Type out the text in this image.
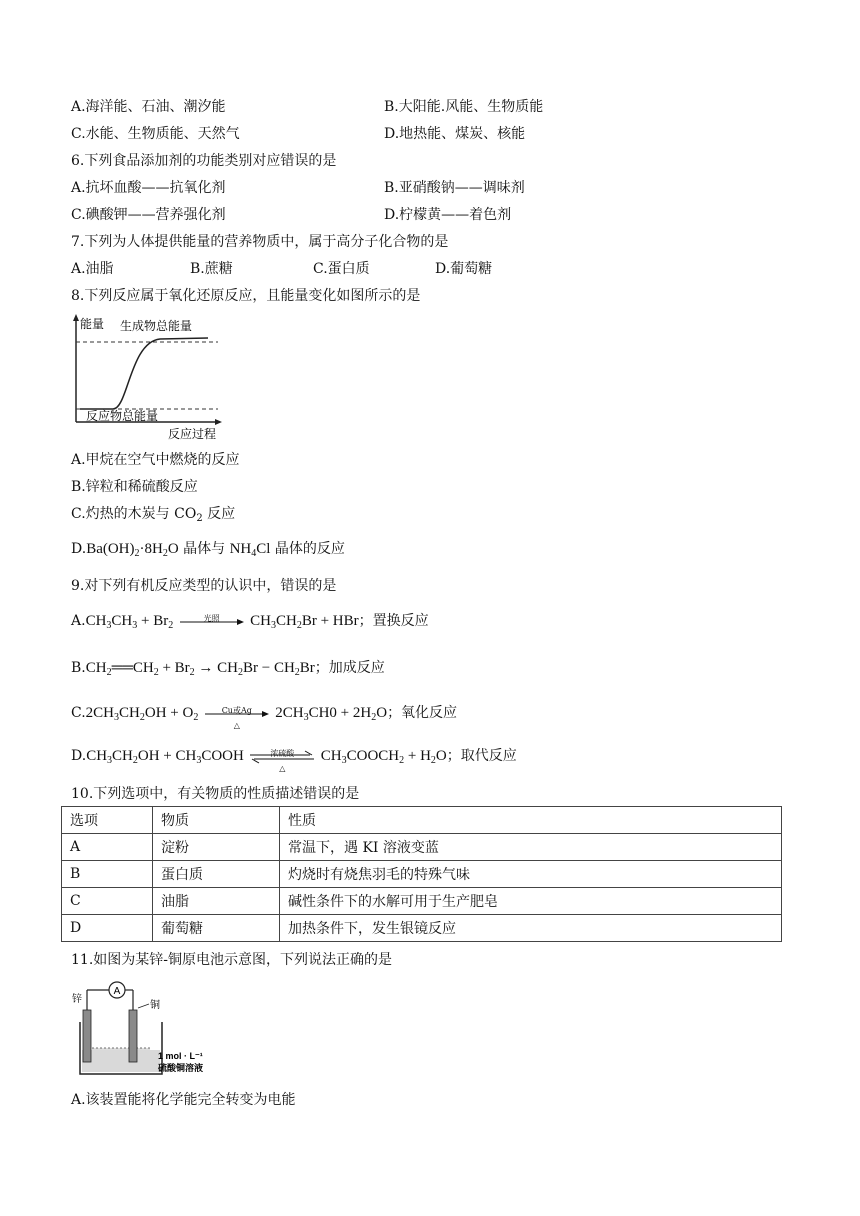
A.海洋能、石油、潮汐能	B.大阳能.风能、生物质能
C.水能、生物质能、天然气	D.地热能、煤炭、核能
6.下列食品添加剂的功能类别对应错误的是
A.抗坏血酸——抗氧化剂	B.亚硝酸钠——调味剂
C.碘酸钾——营养强化剂	D.柠檬黄——着色剂
7.下列为人体提供能量的营养物质中，属于高分子化合物的是
A.油脂	B.蔗糖	C.蛋白质	D.葡萄糖
8.下列反应属于氧化还原反应，且能量变化如图所示的是
能量 生成物总能量
反应物总能量
反应过程
A.甲烷在空气中燃烧的反应
B.锌粒和稀硫酸反应
C.灼热的木炭与 $CO_2$ 反应
$D.Ba(OH)_2\cdot 8H_2O$ 晶体与 $NH_4Cl$ 晶体的反应
9.对下列有机反应类型的认识中，错误的是
$A.CH_3CH_3 + Br_2$
光照	$CH_3CH_2Br$ + HBr；置换反应
$B.CH_2══CH_2 + Br_2 \to CH_2Br - CH_2Br$；加成反应
$C.2CH_3CH_2OH + O_2$
Cu或Ag
△
$2CH_3CH0 + 2H_2O$；氧化反应
$D.CH_3CH_2OH$ + $CH_3COOH$	浓硫酸
△
$CH_3COOCH_2 + H_2O$；取代反应
10.下列选项中，有关物质的性质描述错误的是
选项	物质	性质
A	淀粉	常温下，遇 KI 溶液变蓝
B	蛋白质	灼烧时有烧焦羽毛的特殊气味
C	油脂	碱性条件下的水解可用于生产肥皂
D	葡萄糖	加热条件下，发生银镜反应
11.如图为某锌-铜原电池示意图，下列说法正确的是
A
锌
铜
1 mol · L⁻¹
硫酸铜溶液
A.该装置能将化学能完全转变为电能
